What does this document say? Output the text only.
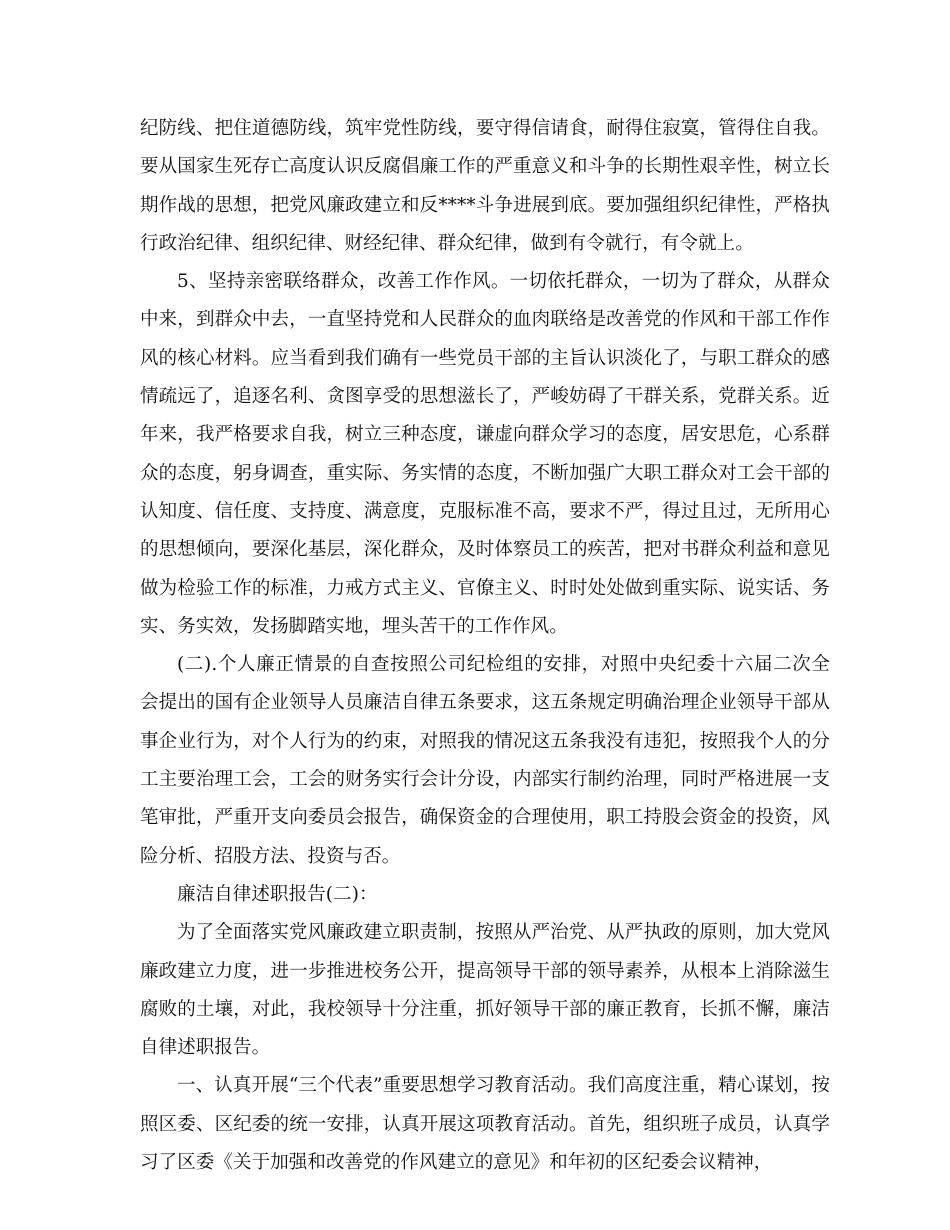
纪防线、把住道德防线，筑牢党性防线，要守得信请食，耐得住寂寞，管得住自我。要从国家生死存亡高度认识反腐倡廉工作的严重意义和斗争的长期性艰辛性，树立长期作战的思想，把党风廉政建立和反****斗争进展到底。要加强组织纪律性，严格执行政治纪律、组织纪律、财经纪律、群众纪律，做到有令就行，有令就上。

5、坚持亲密联络群众，改善工作作风。一切依托群众，一切为了群众，从群众中来，到群众中去，一直坚持党和人民群众的血肉联络是改善党的作风和干部工作作风的核心材料。应当看到我们确有一些党员干部的主旨认识淡化了，与职工群众的感情疏远了，追逐名利、贪图享受的思想滋长了，严峻妨碍了干群关系，党群关系。近年来，我严格要求自我，树立三种态度，谦虚向群众学习的态度，居安思危，心系群众的态度，躬身调查，重实际、务实情的态度，不断加强广大职工群众对工会干部的认知度、信任度、支持度、满意度，克服标准不高，要求不严，得过且过，无所用心的思想倾向，要深化基层，深化群众，及时体察员工的疾苦，把对书群众利益和意见做为检验工作的标准，力戒方式主义、官僚主义、时时处处做到重实际、说实话、务实、务实效，发扬脚踏实地，埋头苦干的工作作风。

(二).个人廉正情景的自查按照公司纪检组的安排，对照中央纪委十六届二次全会提出的国有企业领导人员廉洁自律五条要求，这五条规定明确治理企业领导干部从事企业行为，对个人行为的约束，对照我的情况这五条我没有违犯，按照我个人的分工主要治理工会，工会的财务实行会计分设，内部实行制约治理，同时严格进展一支笔审批，严重开支向委员会报告，确保资金的合理使用，职工持股会资金的投资，风险分析、招股方法、投资与否。

廉洁自律述职报告(二)：

为了全面落实党风廉政建立职责制，按照从严治党、从严执政的原则，加大党风廉政建立力度，进一步推进校务公开，提高领导干部的领导素养，从根本上消除滋生腐败的土壤，对此，我校领导十分注重，抓好领导干部的廉正教育，长抓不懈，廉洁自律述职报告。

一、认真开展“三个代表”重要思想学习教育活动。我们高度注重，精心谋划，按照区委、区纪委的统一安排，认真开展这项教育活动。首先，组织班子成员，认真学习了区委《关于加强和改善党的作风建立的意见》和年初的区纪委会议精神，
